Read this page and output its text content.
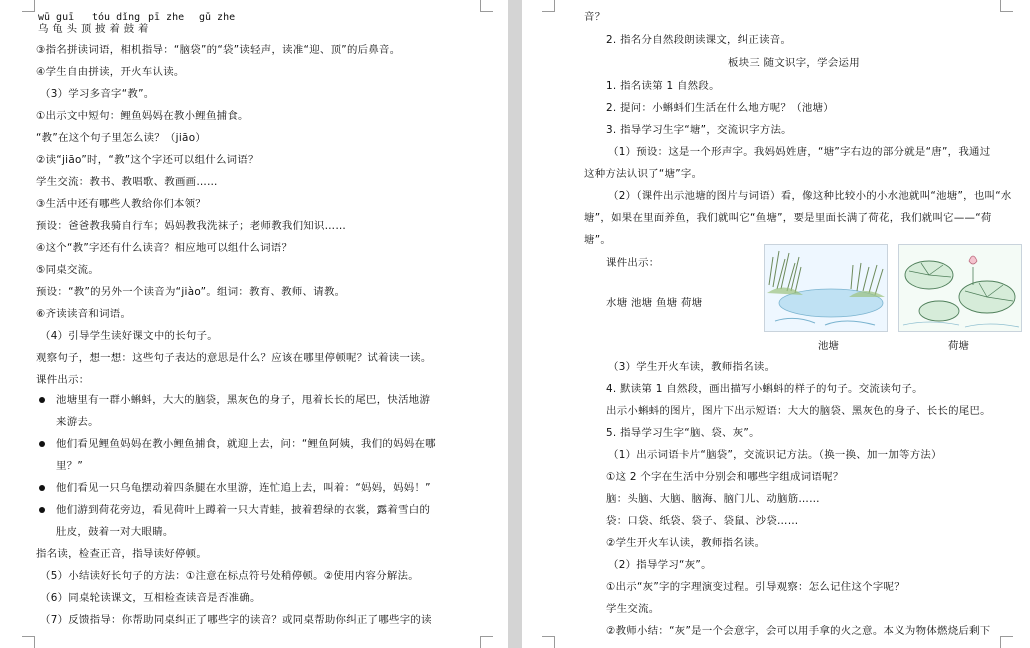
wū guī tóu dǐng pī zhe gǔ zhe
乌 龟 头 顶 披 着 鼓 着
③指名拼读词语，相机指导：“脑袋”的“袋”读轻声，读准“迎、顶”的后鼻音。
④学生自由拼读，开火车认读。
（3）学习多音字“教”。
①出示文中短句：鲤鱼妈妈在教小鲤鱼捕食。
“教”在这个句子里怎么读？（jiāo）
②读“jiāo”时，“教”这个字还可以组什么词语？
学生交流：教书、教唱歌、教画画……
③生活中还有哪些人教给你们本领？
预设：爸爸教我骑自行车；妈妈教我洗袜子；老师教我们知识……
④这个“教”字还有什么读音？相应地可以组什么词语？
⑤同桌交流。
预设：“教”的另外一个读音为“jiào”。组词：教育、教师、请教。
⑥齐读读音和词语。
（4）引导学生读好课文中的长句子。
观察句子，想一想：这些句子表达的意思是什么？应该在哪里停顿呢？试着读一读。
课件出示：
池塘里有一群小蝌蚪，大大的脑袋，黑灰色的身子，甩着长长的尾巴，快活地游
来游去。
他们看见鲤鱼妈妈在教小鲤鱼捕食，就迎上去，问：“鲤鱼阿姨，我们的妈妈在哪
里？”
他们看见一只乌龟摆动着四条腿在水里游，连忙追上去，叫着：“妈妈，妈妈！”
他们游到荷花旁边，看见荷叶上蹲着一只大青蛙，披着碧绿的衣裳，露着雪白的
肚皮，鼓着一对大眼睛。
指名读，检查正音，指导读好停顿。
（5）小结读好长句子的方法：①注意在标点符号处稍停顿。②使用内容分解法。
（6）同桌轮读课文，互相检查读音是否准确。
（7）反馈指导：你帮助同桌纠正了哪些字的读音？或同桌帮助你纠正了哪些字的读
音？
2. 指名分自然段朗读课文，纠正读音。
板块三 随文识字，学会运用
1. 指名读第 1 自然段。
2. 提问：小蝌蚪们生活在什么地方呢？（池塘）
3. 指导学习生字“塘”，交流识字方法。
（1）预设：这是一个形声字。我妈妈姓唐，“塘”字右边的部分就是“唐”，我通过
这种方法认识了“塘”字。
（2）（课件出示池塘的图片与词语）看，像这种比较小的小水池就叫“池塘”，也叫“水
塘”，如果在里面养鱼，我们就叫它“鱼塘”，要是里面长满了荷花，我们就叫它——“荷
塘”。
课件出示：
水塘 池塘 鱼塘 荷塘
池塘	荷塘
（3）学生开火车读，教师指名读。
4. 默读第 1 自然段，画出描写小蝌蚪的样子的句子。交流读句子。
出示小蝌蚪的图片，图片下出示短语：大大的脑袋、黑灰色的身子、长长的尾巴。
5. 指导学习生字“脑、袋、灰”。
（1）出示词语卡片“脑袋”，交流识记方法。（换一换、加一加等方法）
①这 2 个字在生活中分别会和哪些字组成词语呢？
脑：头脑、大脑、脑海、脑门儿、动脑筋……
袋：口袋、纸袋、袋子、袋鼠、沙袋……
②学生开火车认读，教师指名读。
（2）指导学习“灰”。
①出示“灰”字的字理演变过程。引导观察：怎么记住这个字呢？
学生交流。
②教师小结：“灰”是一个会意字，会可以用手拿的火之意。本义为物体燃烧后剩下
